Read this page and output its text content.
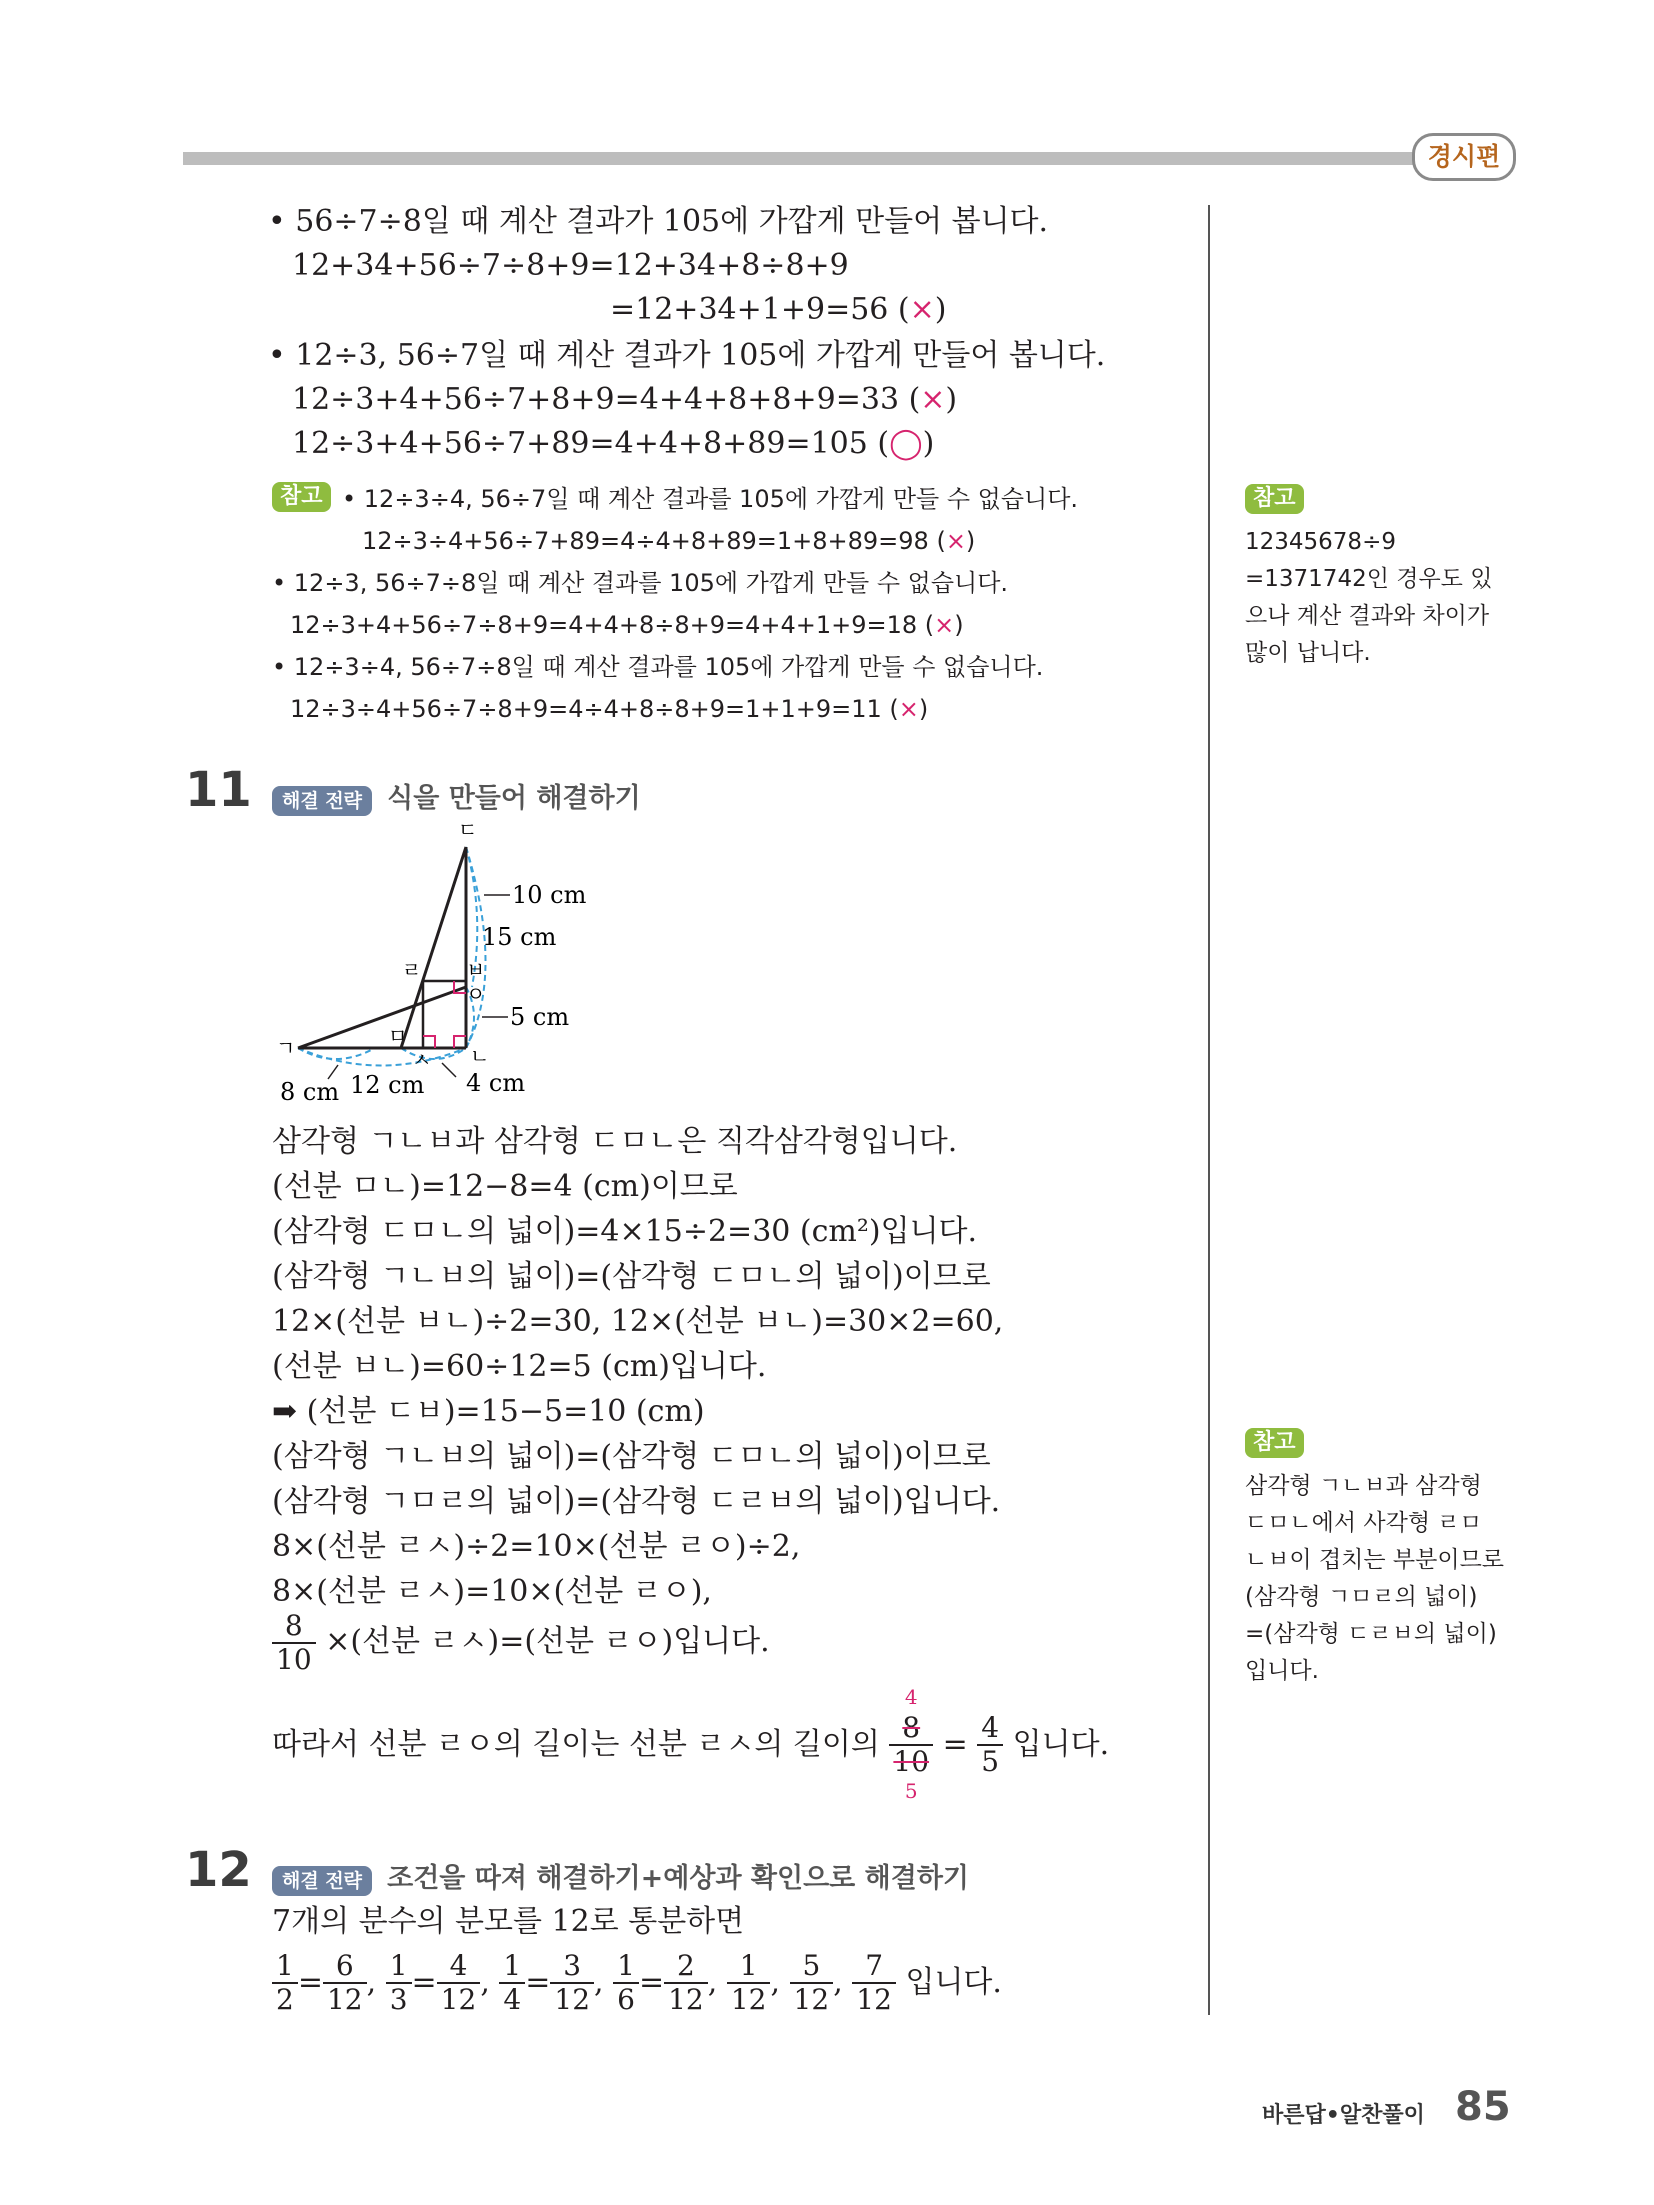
경시편
• 56÷7÷8일 때 계산 결과가 105에 가깝게 만들어 봅니다.
12+34+56÷7÷8+9=12+34+8÷8+9
=12+34+1+9=56 (×)
• 12÷3, 56÷7일 때 계산 결과가 105에 가깝게 만들어 봅니다.
12÷3+4+56÷7+8+9=4+4+8+8+9=33 (×)
12÷3+4+56÷7+89=4+4+8+89=105 (◯)
참고 • 12÷3÷4, 56÷7일 때 계산 결과를 105에 가깝게 만들 수 없습니다.
12÷3÷4+56÷7+89=4÷4+8+89=1+8+89=98 (×)
• 12÷3, 56÷7÷8일 때 계산 결과를 105에 가깝게 만들 수 없습니다.
12÷3+4+56÷7÷8+9=4+4+8÷8+9=4+4+1+9=18 (×)
• 12÷3÷4, 56÷7÷8일 때 계산 결과를 105에 가깝게 만들 수 없습니다.
12÷3÷4+56÷7÷8+9=4÷4+8÷8+9=1+1+9=11 (×)
참고
12345678÷9
=1371742인 경우도 있
으나 계산 결과와 차이가
많이 납니다.
11	해결 전략 식을 만들어 해결하기
ㄷ
ㄱ	ㄴ
ㄹ
ㅁ
ㅂ
ㅅ
ㅇ
10 cm
15 cm
5 cm
8 cm 12 cm 4 cm
삼각형 ㄱㄴㅂ과 삼각형 ㄷㅁㄴ은 직각삼각형입니다.
(선분 ㅁㄴ)=12−8=4 (cm)이므로
(삼각형 ㄷㅁㄴ의 넓이)=4×15÷2=30 (cm²)입니다.
(삼각형 ㄱㄴㅂ의 넓이)=(삼각형 ㄷㅁㄴ의 넓이)이므로
12×(선분 ㅂㄴ)÷2=30, 12×(선분 ㅂㄴ)=30×2=60,
(선분 ㅂㄴ)=60÷12=5 (cm)입니다.
➡ (선분 ㄷㅂ)=15−5=10 (cm)
(삼각형 ㄱㄴㅂ의 넓이)=(삼각형 ㄷㅁㄴ의 넓이)이므로
(삼각형 ㄱㅁㄹ의 넓이)=(삼각형 ㄷㄹㅂ의 넓이)입니다.
8×(선분 ㄹㅅ)÷2=10×(선분 ㄹㅇ)÷2,
8×(선분 ㄹㅅ)=10×(선분 ㄹㅇ),
$\frac{8}{10}$ ×(선분 ㄹㅅ)=(선분 ㄹㅇ)입니다.
따라서 선분 ㄹㅇ의 길이는 선분 ㄹㅅ의 길이의
4
8
10
5
= $\frac{4}{5}$ 입니다.
참고
삼각형 ㄱㄴㅂ과 삼각형
ㄷㅁㄴ에서 사각형 ㄹㅁ
ㄴㅂ이 겹치는 부분이므로
(삼각형 ㄱㅁㄹ의 넓이)
=(삼각형 ㄷㄹㅂ의 넓이)
입니다.
12	해결 전략 조건을 따져 해결하기+예상과 확인으로 해결하기
7개의 분수의 분모를 12로 통분하면
$\frac{1}{2} = \frac{6}{12}$ , $\frac{1}{3} = \frac{4}{12}$ , $\frac{1}{4} = \frac{3}{12}$ , $\frac{1}{6} = \frac{2}{12}$ , $\frac{1}{12}$ , $\frac{5}{12}$ , $\frac{7}{12}$ 입니다.
바른답•알찬풀이 85
